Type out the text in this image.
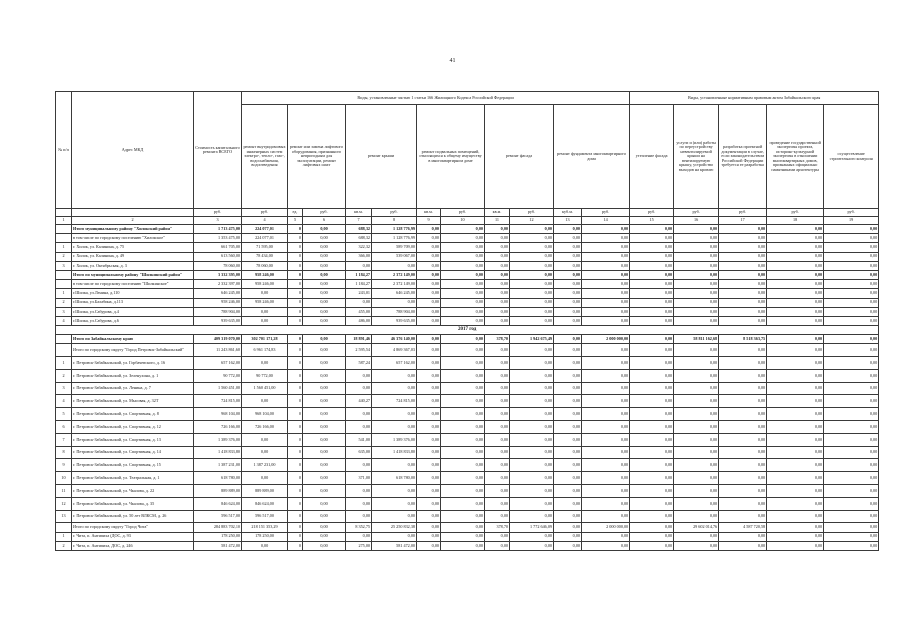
41
№ п/п	Адрес МКД	Стоимость капитального ремонта ВСЕГО	Виды, установленные частью 1 статьи 166 Жилищного Кодекса Российской Федерации											Виды, установленные нормативным правовым актом Забайкальского края				
			ремонт внутридомовых инженерных систем электро-, тепло-, газо-, водоснабжения, водоотведения	ремонт или замена лифтового оборудования, признанного непригодным для эксплуатации, ремонт лифтовых шахт		ремонт крыши		ремонт подвальных помещений, относящихся к общему имуществу в многоквартирном доме		ремонт фасада		ремонт фундамента многоквартирного дома		утепление фасада	услуги и (или) работы по переустройству невентилируемой крыши на вентилируемую крышу, устройство выходов на кровлю	разработка проектной документации в случае, если законодательством Российской Федерации требуется ее разработка	проведение государственной экспертизы проекта, историко-культурной экспертизы в отношении многоквартирных домов, признанных официально памятниками архитектуры	осуществление строительного контроля
		руб.	руб.	ед.	руб.	кв.м.	руб.	кв.м.	руб.	кв.м.	руб.	куб.м.	руб.	руб.	руб.	руб.	руб.	руб.
1	2	3	4	5	6	7	8	9	10	11	12	13	14	15	16	17	18	19
	Итого муниципальному району "Хилокский район"	1 713 475,00	224 077,01	0	0,00	688,32	1 128 776,99	0,00	0,00	0,00	0,00	0,00	0,00	0,00	0,00	0,00	0,00	0,00
	в том числе по городскому поселению "Хилокское"	1 353 475,00	224 077,01	0	0,00	688,32	1 128 776,99	0,00	0,00	0,00	0,00	0,00	0,00	0,00	0,00	0,00	0,00	0,00
1	г. Хилок, ул. Калинина, д. 75	661 705,00	71 595,00	0	0,00	322,32	589 709,00	0,00	0,00	0,00	0,00	0,00	0,00	0,00	0,00	0,00	0,00	0,00
2	г. Хилок, ул. Калинина, д. 49	613 560,00	78 434,00	0	0,00	366,00	539 067,00	0,00	0,00	0,00	0,00	0,00	0,00	0,00	0,00	0,00	0,00	0,00
3	г. Хилок, ул. Октябрьская, д. 3	78 060,00	78 060,00	0	0,00	0,00	0,00	0,00	0,00	0,00	0,00	0,00	0,00	0,00	0,00	0,00	0,00	0,00
	Итого по муниципальному району "Шилкинский район"	3 332 395,00	958 246,00	0	0,00	1 184,27	2 372 149,00	0,00	0,00	0,00	0,00	0,00	0,00	0,00	0,00	0,00	0,00	0,00
	в том числе по городскому поселению "Шилкинское"	2 332 397,00	958 246,00	0	0,00	1 184,27	2 372 149,00	0,00	0,00	0,00	0,00	0,00	0,00	0,00	0,00	0,00	0,00	0,00
1	г.Шилка, ул.Ленина, д.110	646 245,00	0,00	0	0,00	243,01	646 245,00	0,00	0,00	0,00	0,00	0,00	0,00	0,00	0,00	0,00	0,00	0,00
2	г.Шилка, ул.Балабина, д.113	958 246,00	958 246,00	0	0,00	0,00	0,00	0,00	0,00	0,00	0,00	0,00	0,00	0,00	0,00	0,00	0,00	0,00
3	г.Шилка, ул.Сабурова, д.4	788 904,00	0,00	0	0,00	455,00	788 904,00	0,00	0,00	0,00	0,00	0,00	0,00	0,00	0,00	0,00	0,00	0,00
4	г.Шилка, ул.Сабурова, д.6	939 635,00	0,00	0	0,00	486,00	939 635,00	0,00	0,00	0,00	0,00	0,00	0,00	0,00	0,00	0,00	0,00	0,00
2017 год																		
	Итого по Забайкальскому краю	409 319 070,00	302 701 171,28	0	0,00	18 891,46	46 376 140,00	0,00	0,00	378,70	1 942 675,49	0,00	2 000 000,00	0,00	58 811 162,68	8 518 363,75	0,00	0,00
	Итого по городскому округу "Город Петровск-Забайкальский"	11 243 861,60	6 961 174,83	0	0,00	2 595,54	4 869 367,03	0,00	0,00	0,00	0,00	0,00	0,00	0,00	0,00	0,00	0,00	0,00
1	г. Петровск-Забайкальский, ул. Горбачевского, д. 16	657 162,00	0,00	0	0,00	587,24	657 162,00	0,00	0,00	0,00	0,00	0,00	0,00	0,00	0,00	0,00	0,00	0,00
2	г. Петровск-Забайкальский, ул. Зеленухина, д. 1	90 772,00	90 772,00	0	0,00	0,00	0,00	0,00	0,00	0,00	0,00	0,00	0,00	0,00	0,00	0,00	0,00	0,00
3	г. Петровск-Забайкальский, ул. Ленина, д. 7	1 560 451,00	1 560 451,00	0	0,00	0,00	0,00	0,00	0,00	0,00	0,00	0,00	0,00	0,00	0,00	0,00	0,00	0,00
4	г. Петровск-Забайкальский, ул. Мысовая, д. 32Т	724 815,00	0,00	0	0,00	440,27	724 815,00	0,00	0,00	0,00	0,00	0,00	0,00	0,00	0,00	0,00	0,00	0,00
5	г. Петровск-Забайкальский, ул. Спортивная, д. 8	968 104,00	968 104,00	0	0,00	0,00	0,00	0,00	0,00	0,00	0,00	0,00	0,00	0,00	0,00	0,00	0,00	0,00
6	г. Петровск-Забайкальский, ул. Спортивная, д. 12	726 166,00	726 166,00	0	0,00	0,00	0,00	0,00	0,00	0,00	0,00	0,00	0,00	0,00	0,00	0,00	0,00	0,00
7	г. Петровск-Забайкальский, ул. Спортивная, д. 13	1 389 376,00	0,00	0	0,00	541,00	1 389 376,00	0,00	0,00	0,00	0,00	0,00	0,00	0,00	0,00	0,00	0,00	0,00
8	г. Петровск-Забайкальский, ул. Спортивная, д. 14	1 418 833,80	0,00	0	0,00	635,00	1 418 833,80	0,00	0,00	0,00	0,00	0,00	0,00	0,00	0,00	0,00	0,00	0,00
9	г. Петровск-Забайкальский, ул. Спортивная, д. 15	1 387 231,00	1 387 231,00	0	0,00	0,00	0,00	0,00	0,00	0,00	0,00	0,00	0,00	0,00	0,00	0,00	0,00	0,00
10	г. Петровск-Забайкальский, ул. Театральная, д. 1	618 780,00	0,00	0	0,00	371,00	618 780,00	0,00	0,00	0,00	0,00	0,00	0,00	0,00	0,00	0,00	0,00	0,00
11	г. Петровск-Забайкальский, ул. Чкалова, д. 22	889 889,00	889 889,00	0	0,00	0,00	0,00	0,00	0,00	0,00	0,00	0,00	0,00	0,00	0,00	0,00	0,00	0,00
12	г. Петровск-Забайкальский, ул. Чкалова, д. 35	846 624,00	846 624,00	0	0,00	0,00	0,00	0,00	0,00	0,00	0,00	0,00	0,00	0,00	0,00	0,00	0,00	0,00
13	г. Петровск-Забайкальский, ул. 50 лет ВЛКСМ, д. 26	596 517,00	596 517,00	0	0,00	0,00	0,00	0,00	0,00	0,00	0,00	0,00	0,00	0,00	0,00	0,00	0,00	0,00
	Итого по городскому округу "Город Чита"	284 883 702,10	218 151 353,29	0	0,00	8 352,75	25 250 832,38	0,00	0,00	378,70	1 772 646,09	0,00	2 000 000,00	0,00	29 602 014,76	4 587 720,58	0,00	0,00
1	г. Чита, п. Антипиха (ДОС, д. 93	178 250,00	178 250,00	0	0,00	0,00	0,00	0,00	0,00	0,00	0,00	0,00	0,00	0,00	0,00	0,00	0,00	0,00
2	г. Чита, п. Антипиха, ДОС, д. 246	581 472,00	0,00	0	0,00	275,00	581 472,00	0,00	0,00	0,00	0,00	0,00	0,00	0,00	0,00	0,00	0,00	0,00
